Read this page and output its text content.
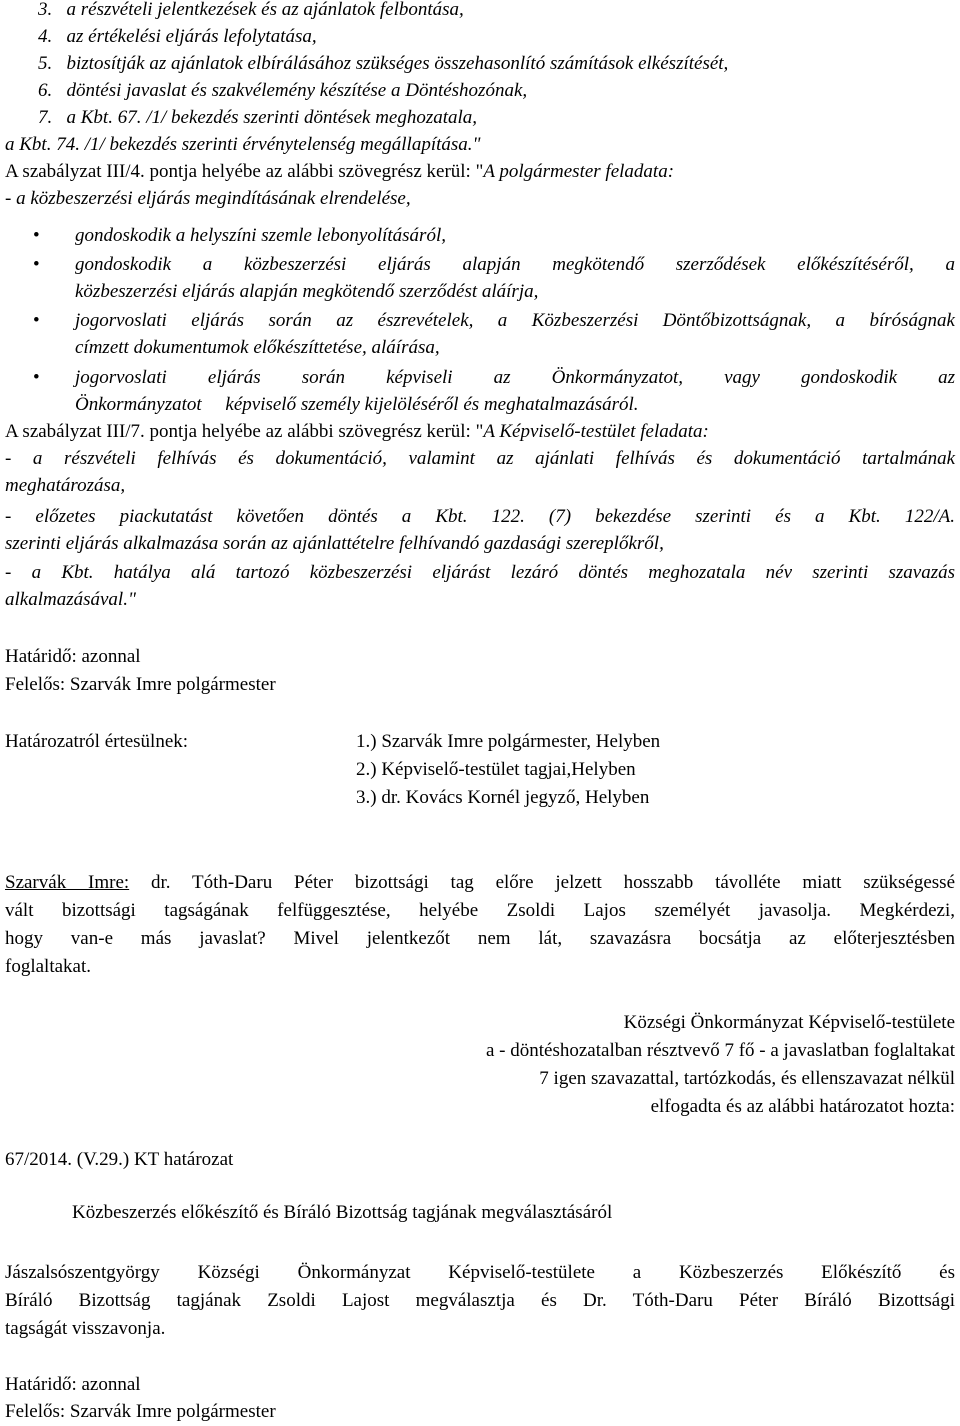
3. a részvételi jelentkezések és az ajánlatok felbontása,
4. az értékelési eljárás lefolytatása,
5. biztosítják az ajánlatok elbírálásához szükséges összehasonlító számítások elkészítését,
6. döntési javaslat és szakvélemény készítése a Döntéshozónak,
7. a Kbt. 67. /1/ bekezdés szerinti döntések meghozatala,
a Kbt. 74. /1/ bekezdés szerinti érvénytelenség megállapítása."
A szabályzat III/4. pontja helyébe az alábbi szövegrész kerül: "A polgármester feladata:
- a közbeszerzési eljárás megindításának elrendelése,
gondoskodik a helyszíni szemle lebonyolításáról,
•
• gondoskodik a közbeszerzési eljárás alapján megkötendő szerződések előkészítéséről, a
közbeszerzési eljárás alapján megkötendő szerződést aláírja,
• jogorvoslati eljárás során az észrevételek, a Közbeszerzési Döntőbizottságnak, a bíróságnak
címzett dokumentumok előkészíttetése, aláírása,
• jogorvoslati eljárás során képviseli az Önkormányzatot, vagy gondoskodik az
Önkormányzatot     képviselő személy kijelöléséről és meghatalmazásáról.
A szabályzat III/7. pontja helyébe az alábbi szövegrész kerül: "A Képviselő-testület feladata:
- a részvételi felhívás és dokumentáció, valamint az ajánlati felhívás és dokumentáció tartalmának
meghatározása,
- előzetes piackutatást követően döntés a Kbt. 122. (7) bekezdése szerinti és a Kbt. 122/A.
szerinti eljárás alkalmazása során az ajánlattételre felhívandó gazdasági szereplőkről,
- a Kbt. hatálya alá tartozó közbeszerzési eljárást lezáró döntés meghozatala név szerinti szavazás
alkalmazásával."
Határidő: azonnal
Felelős: Szarvák Imre polgármester
Határozatról értesülnek:	1.) Szarvák Imre polgármester, Helyben
2.) Képviselő-testület tagjai,Helyben
3.) dr. Kovács Kornél jegyző, Helyben
Szarvák Imre: dr. Tóth-Daru Péter bizottsági tag előre jelzett hosszabb távolléte miatt szükségessé
vált bizottsági tagságának felfüggesztése, helyébe Zsoldi Lajos személyét javasolja. Megkérdezi,
hogy van-e más javaslat? Mivel jelentkezőt nem lát, szavazásra bocsátja az előterjesztésben
foglaltakat.
Községi Önkormányzat Képviselő-testülete
a - döntéshozatalban résztvevő 7 fő - a javaslatban foglaltakat
7 igen szavazattal, tartózkodás, és ellenszavazat nélkül
elfogadta és az alábbi határozatot hozta:
67/2014. (V.29.) KT határozat
Közbeszerzés előkészítő és Bíráló Bizottság tagjának megválasztásáról
Jászalsószentgyörgy Községi Önkormányzat Képviselő-testülete a Közbeszerzés Előkészítő és
Bíráló Bizottság tagjának Zsoldi Lajost megválasztja és Dr. Tóth-Daru Péter Bíráló Bizottsági
tagságát visszavonja.
Határidő: azonnal
Felelős: Szarvák Imre polgármester
